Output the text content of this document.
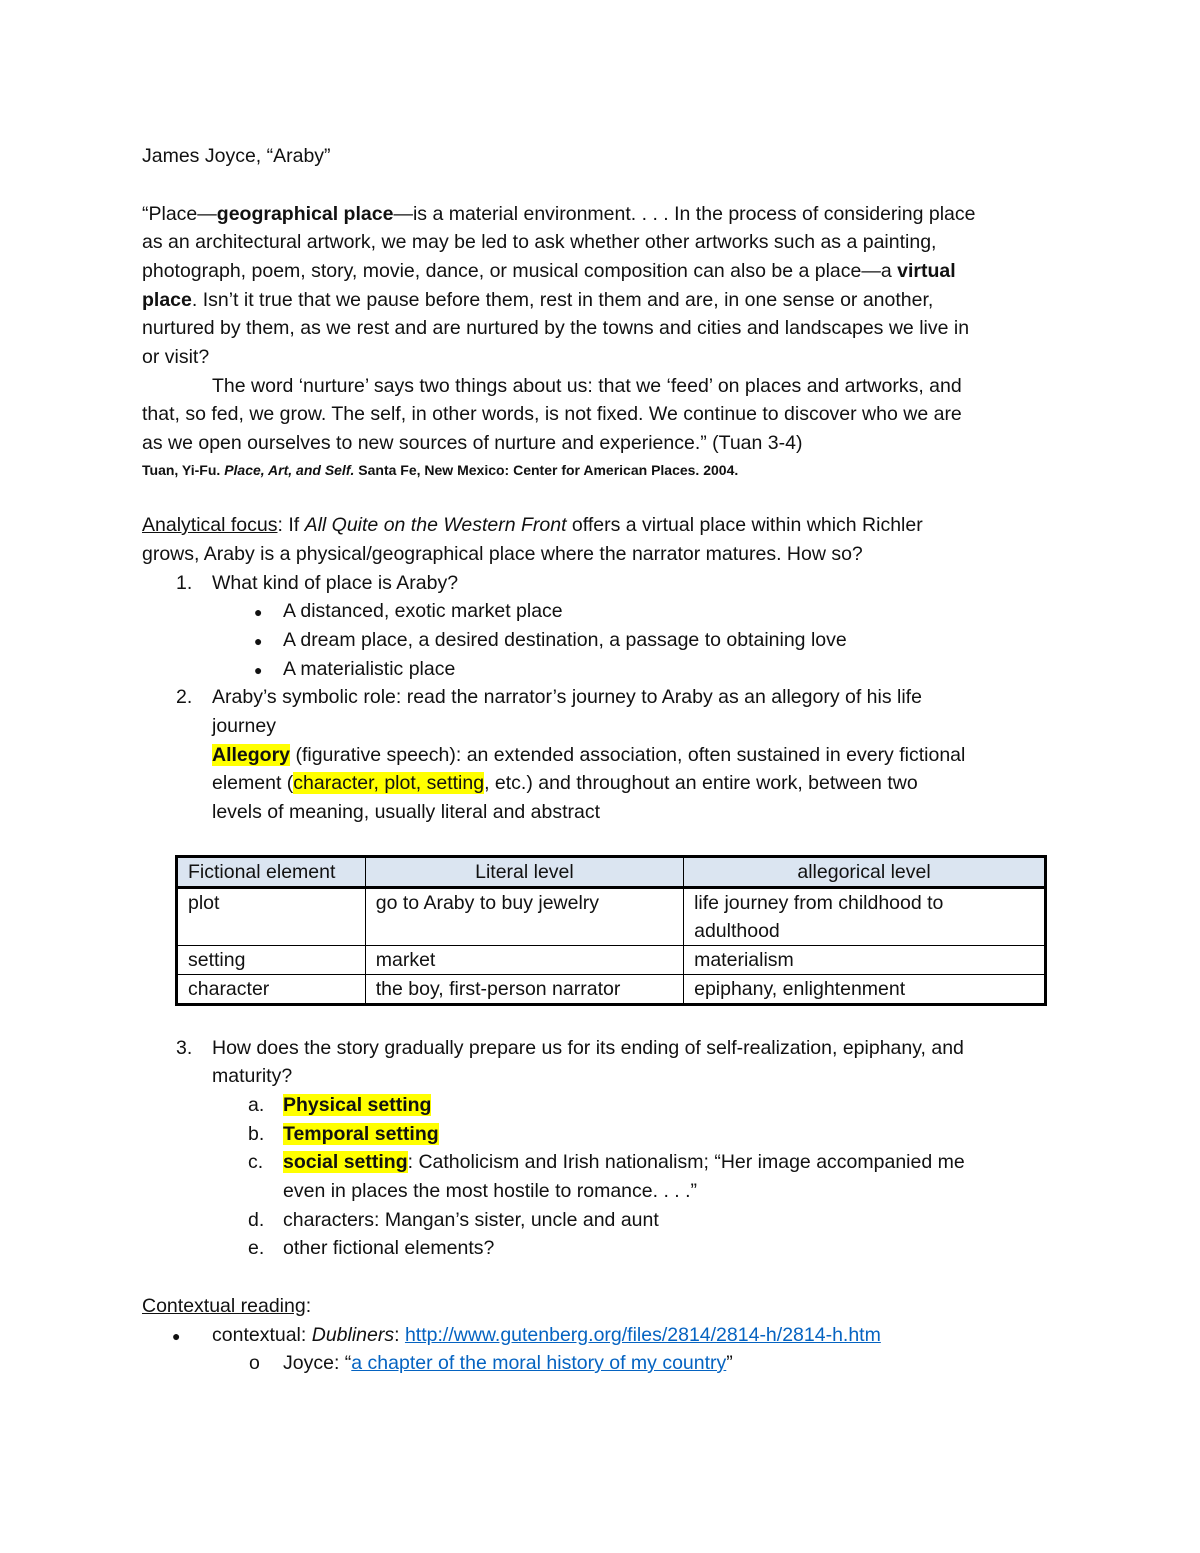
James Joyce, “Araby”
“Place—geographical place—is a material environment. . . . In the process of considering place
as an architectural artwork, we may be led to ask whether other artworks such as a painting,
photograph, poem, story, movie, dance, or musical composition can also be a place—a virtual
place. Isn’t it true that we pause before them, rest in them and are, in one sense or another,
nurtured by them, as we rest and are nurtured by the towns and cities and landscapes we live in
or visit?
The word ‘nurture’ says two things about us: that we ‘feed’ on places and artworks, and
that, so fed, we grow. The self, in other words, is not fixed. We continue to discover who we are
as we open ourselves to new sources of nurture and experience.” (Tuan 3-4)
Tuan, Yi-Fu. Place, Art, and Self. Santa Fe, New Mexico: Center for American Places. 2004.
Analytical focus: If All Quite on the Western Front offers a virtual place within which Richler
grows, Araby is a physical/geographical place where the narrator matures. How so?
1. What kind of place is Araby?
● A distanced, exotic market place
● A dream place, a desired destination, a passage to obtaining love
● A materialistic place
2. Araby’s symbolic role: read the narrator’s journey to Araby as an allegory of his life
journey
Allegory (figurative speech): an extended association, often sustained in every fictional
element (character, plot, setting, etc.) and throughout an entire work, between two
levels of meaning, usually literal and abstract
Fictional element	Literal level	allegorical level
plot	go to Araby to buy jewelry	life journey from childhood to adulthood

setting	market	materialism
character	the boy, first-person narrator	epiphany, enlightenment
3. How does the story gradually prepare us for its ending of self-realization, epiphany, and
maturity?
a. Physical setting
b. Temporal setting
c. social setting: Catholicism and Irish nationalism; “Her image accompanied me
even in places the most hostile to romance. . . .”
d. characters: Mangan’s sister, uncle and aunt
e. other fictional elements?
Contextual reading:
● contextual: Dubliners: http://www.gutenberg.org/files/2814/2814-h/2814-h.htm
o Joyce: “a chapter of the moral history of my country”
